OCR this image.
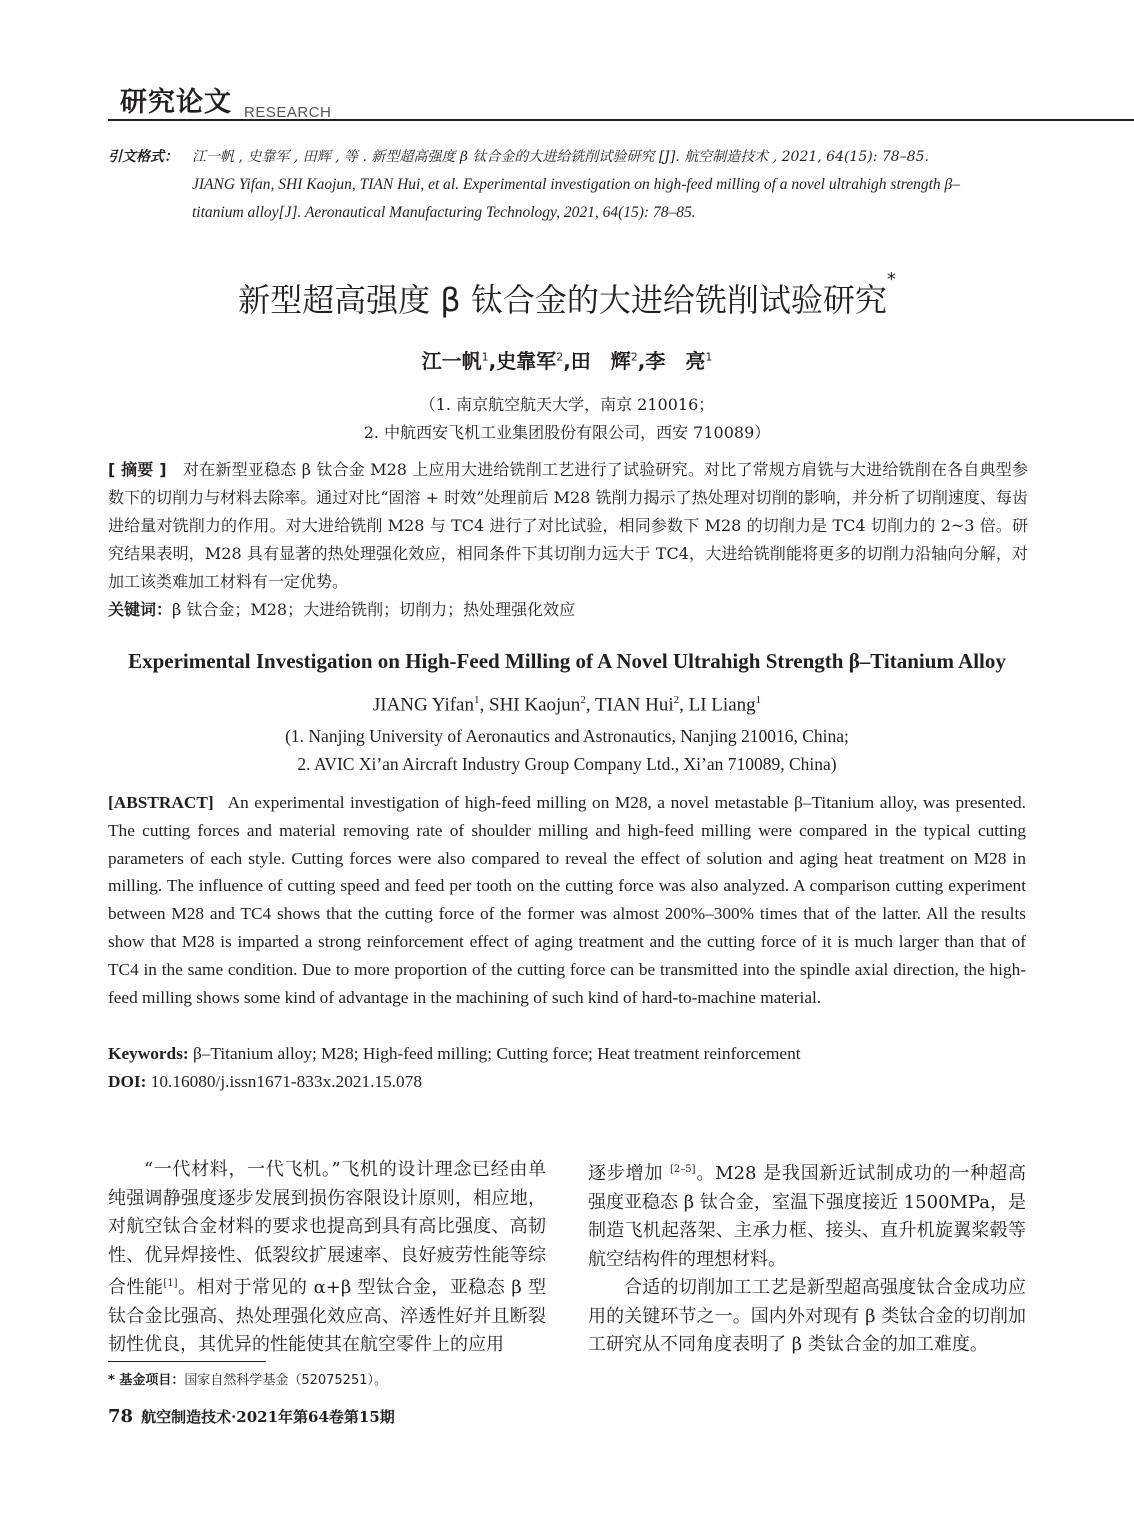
研究论文 RESEARCH
引文格式： 江一帆 , 史靠军 , 田辉 , 等 . 新型超高强度 β 钛合金的大进给铣削试验研究 [J]. 航空制造技术 , 2021, 64(15): 78–85.
JIANG Yifan, SHI Kaojun, TIAN Hui, et al. Experimental investigation on high-feed milling of a novel ultrahigh strength β–
titanium alloy[J]. Aeronautical Manufacturing Technology, 2021, 64(15): 78–85.
新型超高强度 β 钛合金的大进给铣削试验研究*
江一帆$^1$,史靠军$^2$,田　辉$^2$,李　亮$^1$
（1. 南京航空航天大学，南京 210016；
2. 中航西安飞机工业集团股份有限公司，西安 710089）
[ 摘要 ]　 对在新型亚稳态 β 钛合金 M28 上应用大进给铣削工艺进行了试验研究。对比了常规方肩铣与大进给铣削在各自典型参数下的切削力与材料去除率。通过对比“固溶 + 时效”处理前后 M28 铣削力揭示了热处理对切削的影响，并分析了切削速度、每齿进给量对铣削力的作用。对大进给铣削 M28 与 TC4 进行了对比试验，相同参数下 M28 的切削力是 TC4 切削力的 2~3 倍。研究结果表明，M28 具有显著的热处理强化效应，相同条件下其切削力远大于 TC4，大进给铣削能将更多的切削力沿轴向分解，对加工该类难加工材料有一定优势。
关键词：β 钛合金；M28；大进给铣削；切削力；热处理强化效应
Experimental Investigation on High-Feed Milling of A Novel Ultrahigh Strength β–Titanium Alloy
JIANG Yifan$^1$, SHI Kaojun$^2$, TIAN Hui$^2$, LI Liang$^1$
(1. Nanjing University of Aeronautics and Astronautics, Nanjing 210016, China;
2. AVIC Xi’an Aircraft Industry Group Company Ltd., Xi’an 710089, China)
[ABSTRACT] An experimental investigation of high-feed milling on M28, a novel metastable β–Titanium alloy, was presented. The cutting forces and material removing rate of shoulder milling and high-feed milling were compared in the typical cutting parameters of each style. Cutting forces were also compared to reveal the effect of solution and aging heat treatment on M28 in milling. The influence of cutting speed and feed per tooth on the cutting force was also analyzed. A comparison cutting experiment between M28 and TC4 shows that the cutting force of the former was almost 200%–300% times that of the latter. All the results show that M28 is imparted a strong reinforcement effect of aging treatment and the cutting force of it is much larger than that of TC4 in the same condition. Due to more proportion of the cutting force can be transmitted into the spindle axial direction, the high-feed milling shows some kind of advantage in the machining of such kind of hard-to-machine material.
Keywords: β–Titanium alloy; M28; High-feed milling; Cutting force; Heat treatment reinforcement
DOI: 10.16080/j.issn1671-833x.2021.15.078

“一代材料，一代飞机。”飞机的设计理念已经由单纯强调静强度逐步发展到损伤容限设计原则，相应地，对航空钛合金材料的要求也提高到具有高比强度、高韧性、优异焊接性、低裂纹扩展速率、良好疲劳性能等综合性能[1]。相对于常见的 α+β 型钛合金，亚稳态 β 型钛合金比强高、热处理强化效应高、淬透性好并且断裂韧性优良，其优异的性能使其在航空零件上的应用

逐步增加 [2–5]。M28 是我国新近试制成功的一种超高强度亚稳态 β 钛合金，室温下强度接近 1500MPa，是制造飞机起落架、主承力框、接头、直升机旋翼桨毂等航空结构件的理想材料。

合适的切削加工工艺是新型超高强度钛合金成功应用的关键环节之一。国内外对现有 β 类钛合金的切削加工研究从不同角度表明了 β 类钛合金的加工难度。

* 基金项目：国家自然科学基金（52075251）。
78 航空制造技术·2021年第64卷第15期
